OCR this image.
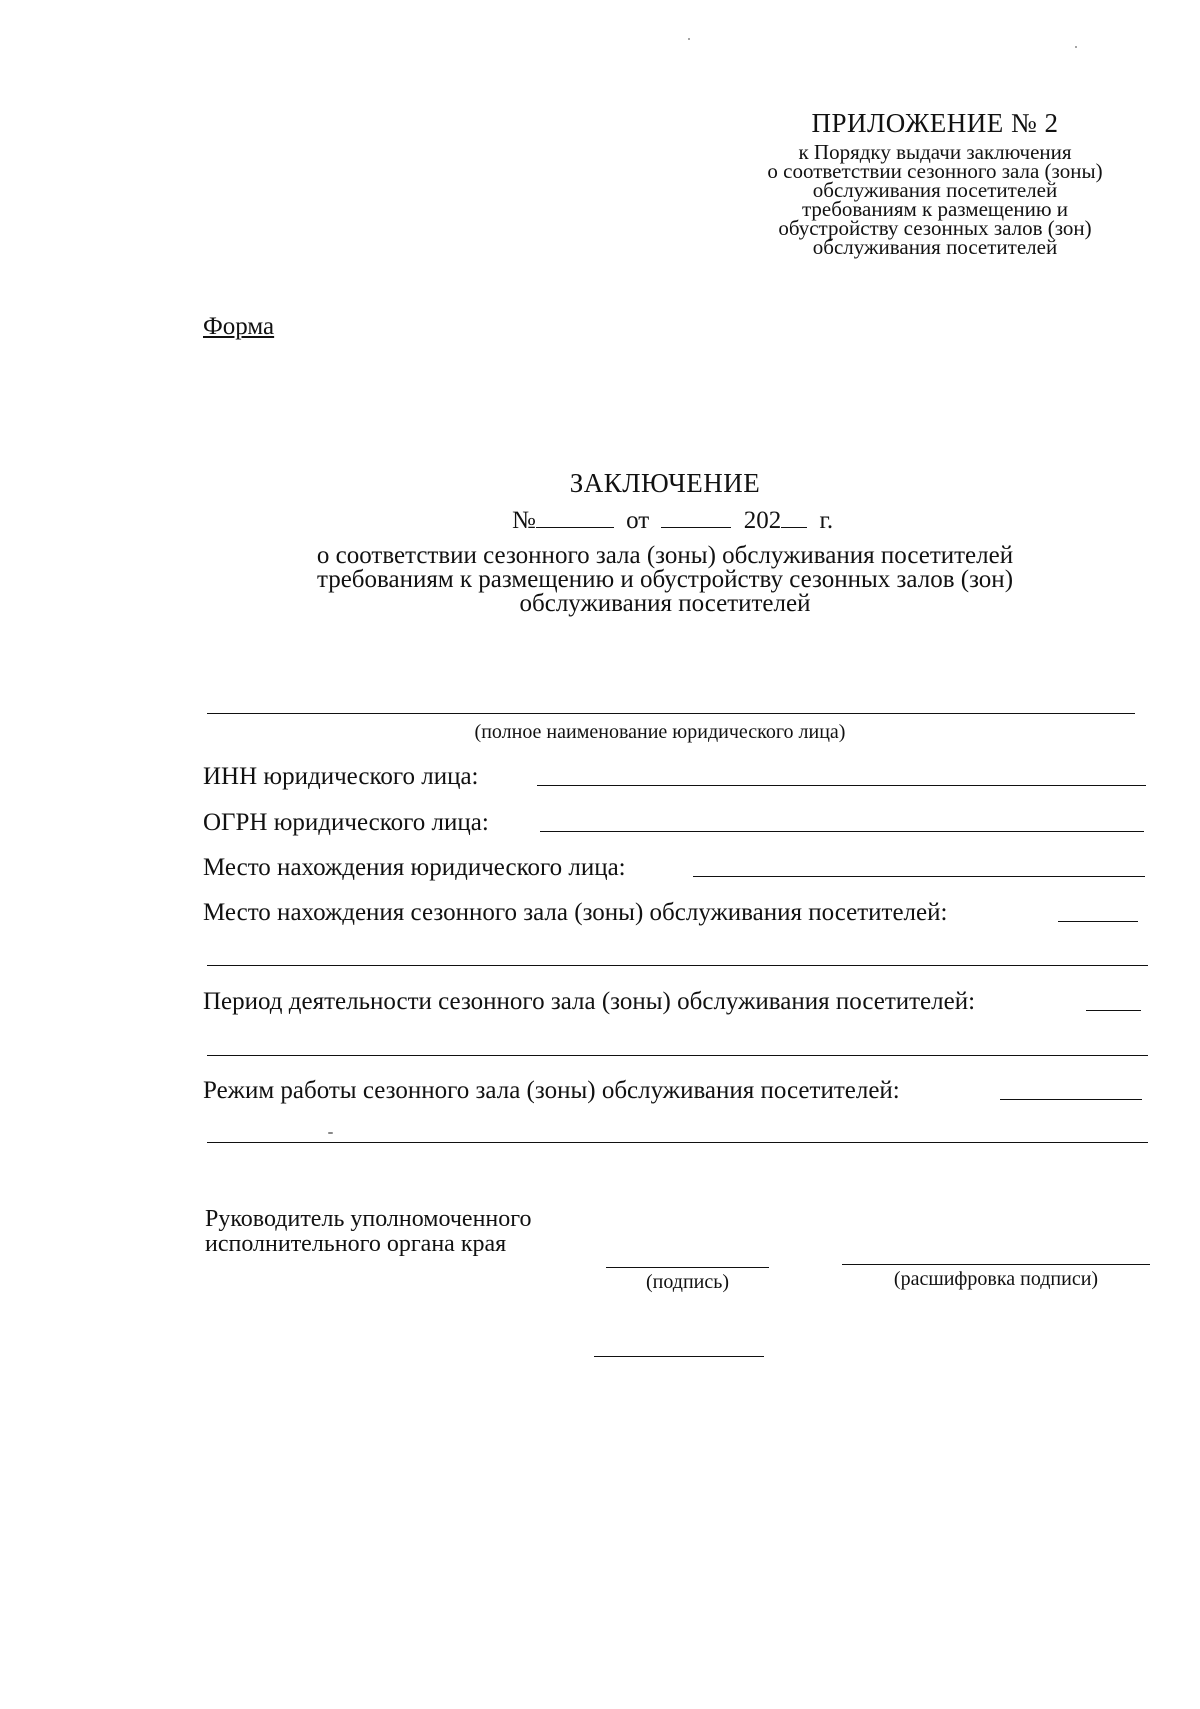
ПРИЛОЖЕНИЕ № 2
к Порядку выдачи заключения
о соответствии сезонного зала (зоны)
обслуживания посетителей
требованиям к размещению и
обустройству сезонных залов (зон)
обслуживания посетителей
Форма
ЗАКЛЮЧЕНИЕ
№	от	202 г.
о соответствии сезонного зала (зоны) обслуживания посетителей
требованиям к размещению и обустройству сезонных залов (зон)
обслуживания посетителей
(полное наименование юридического лица)
ИНН юридического лица:
ОГРН юридического лица:
Место нахождения юридического лица:
Место нахождения сезонного зала (зоны) обслуживания посетителей:
Период деятельности сезонного зала (зоны) обслуживания посетителей:
Режим работы сезонного зала (зоны) обслуживания посетителей:
Руководитель уполномоченного
исполнительного органа края
(подпись)	(расшифровка подписи)
